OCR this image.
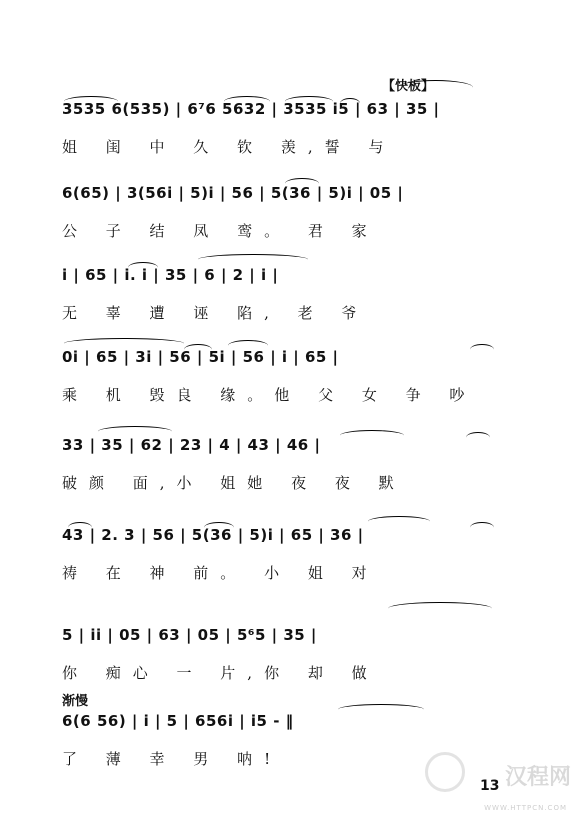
【快板】
3535 6(535) | 6⁷6 5632 | 3535 i5 | 63 | 35 |
姐 闺 中 久 钦 羡,誓 与
6(65) | 3(56i | 5)i | 56 | 5(36 | 5)i | 05 |
公 子 结 凤 鸾。 君 家
i | 65 | i. i | 35 | 6 | 2 | i |
无 辜 遭 诬 陷, 老 爷
0i | 65 | 3i | 56 | 5i | 56 | i | 65 |
乘 机 毁良 缘。他 父 女 争 吵
33 | 35 | 62 | 23 | 4 | 43 | 46 |
破颜 面,小 姐她 夜 夜 默
43 | 2. 3 | 56 | 5(36 | 5)i | 65 | 36 |
祷 在 神 前。 小 姐 对
5 | ii | 05 | 63 | 05 | 5⁶5 | 35 |
你 痴心 一 片,你 却 做
渐慢
6(6 56) | i | 5 | 656i | i5 - ‖
了 薄 幸 男 呐!
13 汉程网
WWW.HTTPCN.COM
